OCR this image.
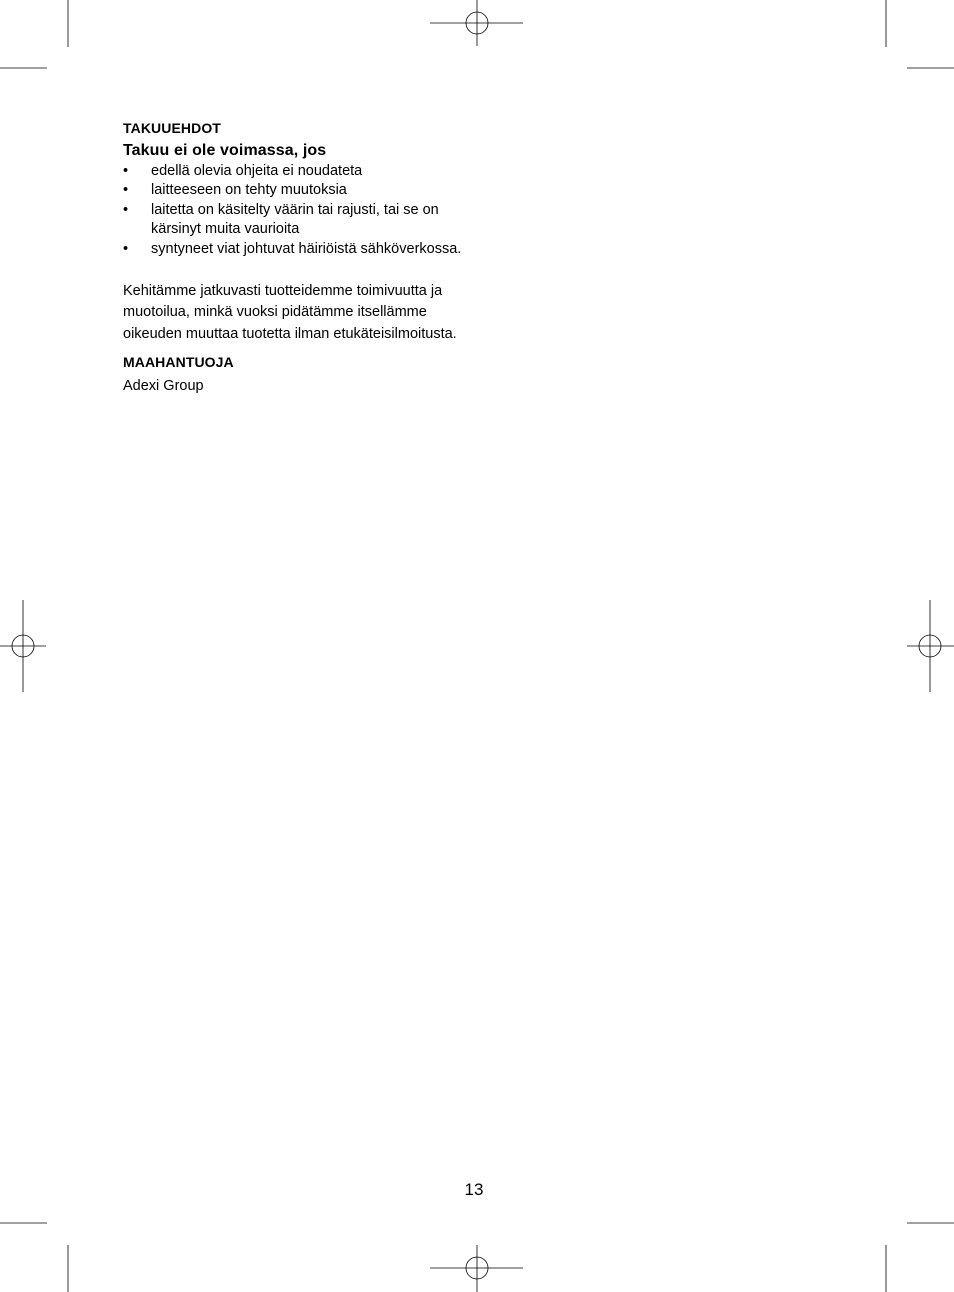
TAKUUEHDOT
Takuu ei ole voimassa, jos
• edellä olevia ohjeita ei noudateta
• laitteeseen on tehty muutoksia
• laitetta on käsitelty väärin tai rajusti, tai se on kärsinyt muita vaurioita
• syntyneet viat johtuvat häiriöistä sähköverkossa.

Kehitämme jatkuvasti tuotteidemme toimivuutta ja muotoilua, minkä vuoksi pidätämme itsellämme oikeuden muuttaa tuotetta ilman etukäteisilmoitusta.

MAAHANTUOJA
Adexi Group
13
